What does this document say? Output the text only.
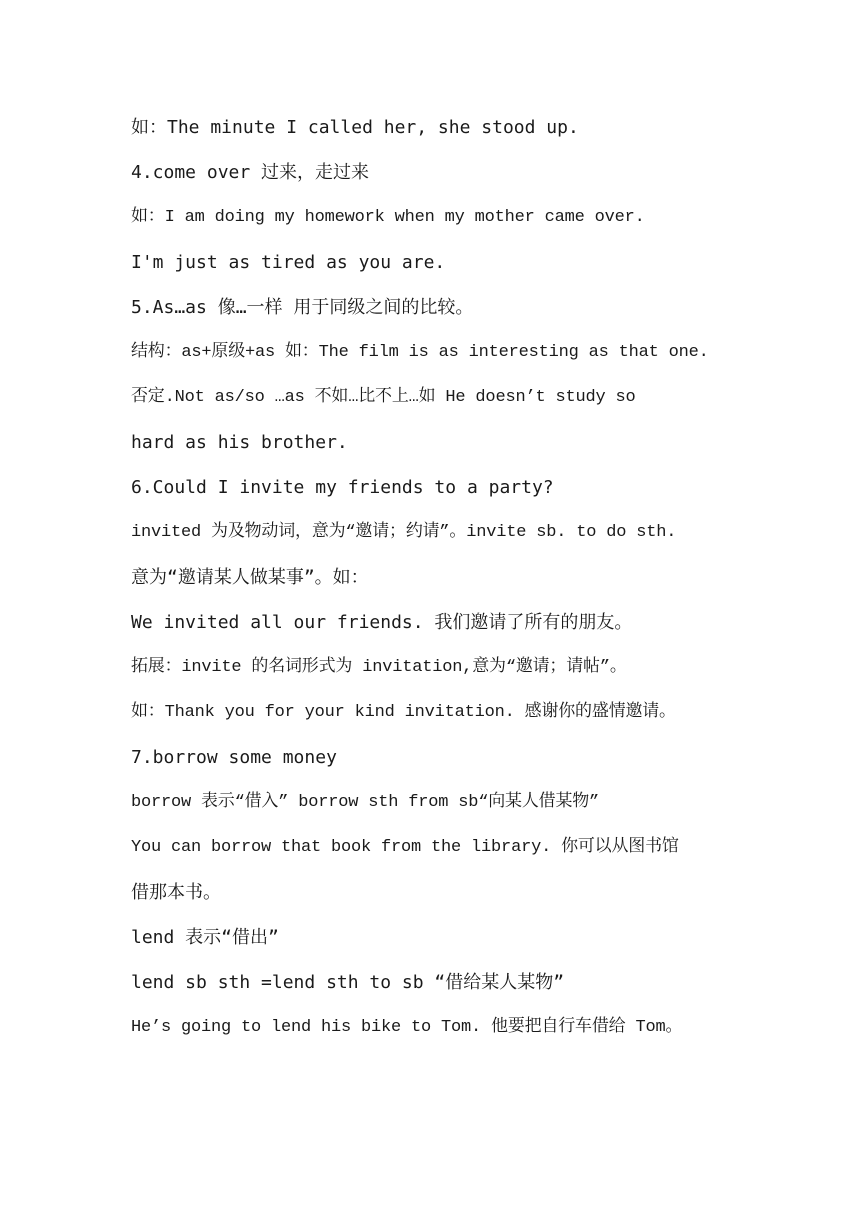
如：The minute I called her, she stood up.
4.come over 过来，走过来
如：I am doing my homework when my mother came over.
I'm just as tired as you are.
5.As…as 像…一样 用于同级之间的比较。
结构：as+原级+as 如：The film is as interesting as that one.
否定.Not as/so …as 不如…比不上…如 He doesn’t study so
hard as his brother.
6.Could I invite my friends to a party?
invited 为及物动词，意为“邀请；约请”。invite sb. to do sth.
意为“邀请某人做某事”。如：
We invited all our friends. 我们邀请了所有的朋友。
拓展：invite 的名词形式为 invitation,意为“邀请；请帖”。
如：Thank you for your kind invitation. 感谢你的盛情邀请。
7.borrow some money
borrow 表示“借入” borrow sth from sb“向某人借某物”
You can borrow that book from the library. 你可以从图书馆
借那本书。
lend 表示“借出”
lend sb sth =lend sth to sb “借给某人某物”
He’s going to lend his bike to Tom. 他要把自行车借给 Tom。
